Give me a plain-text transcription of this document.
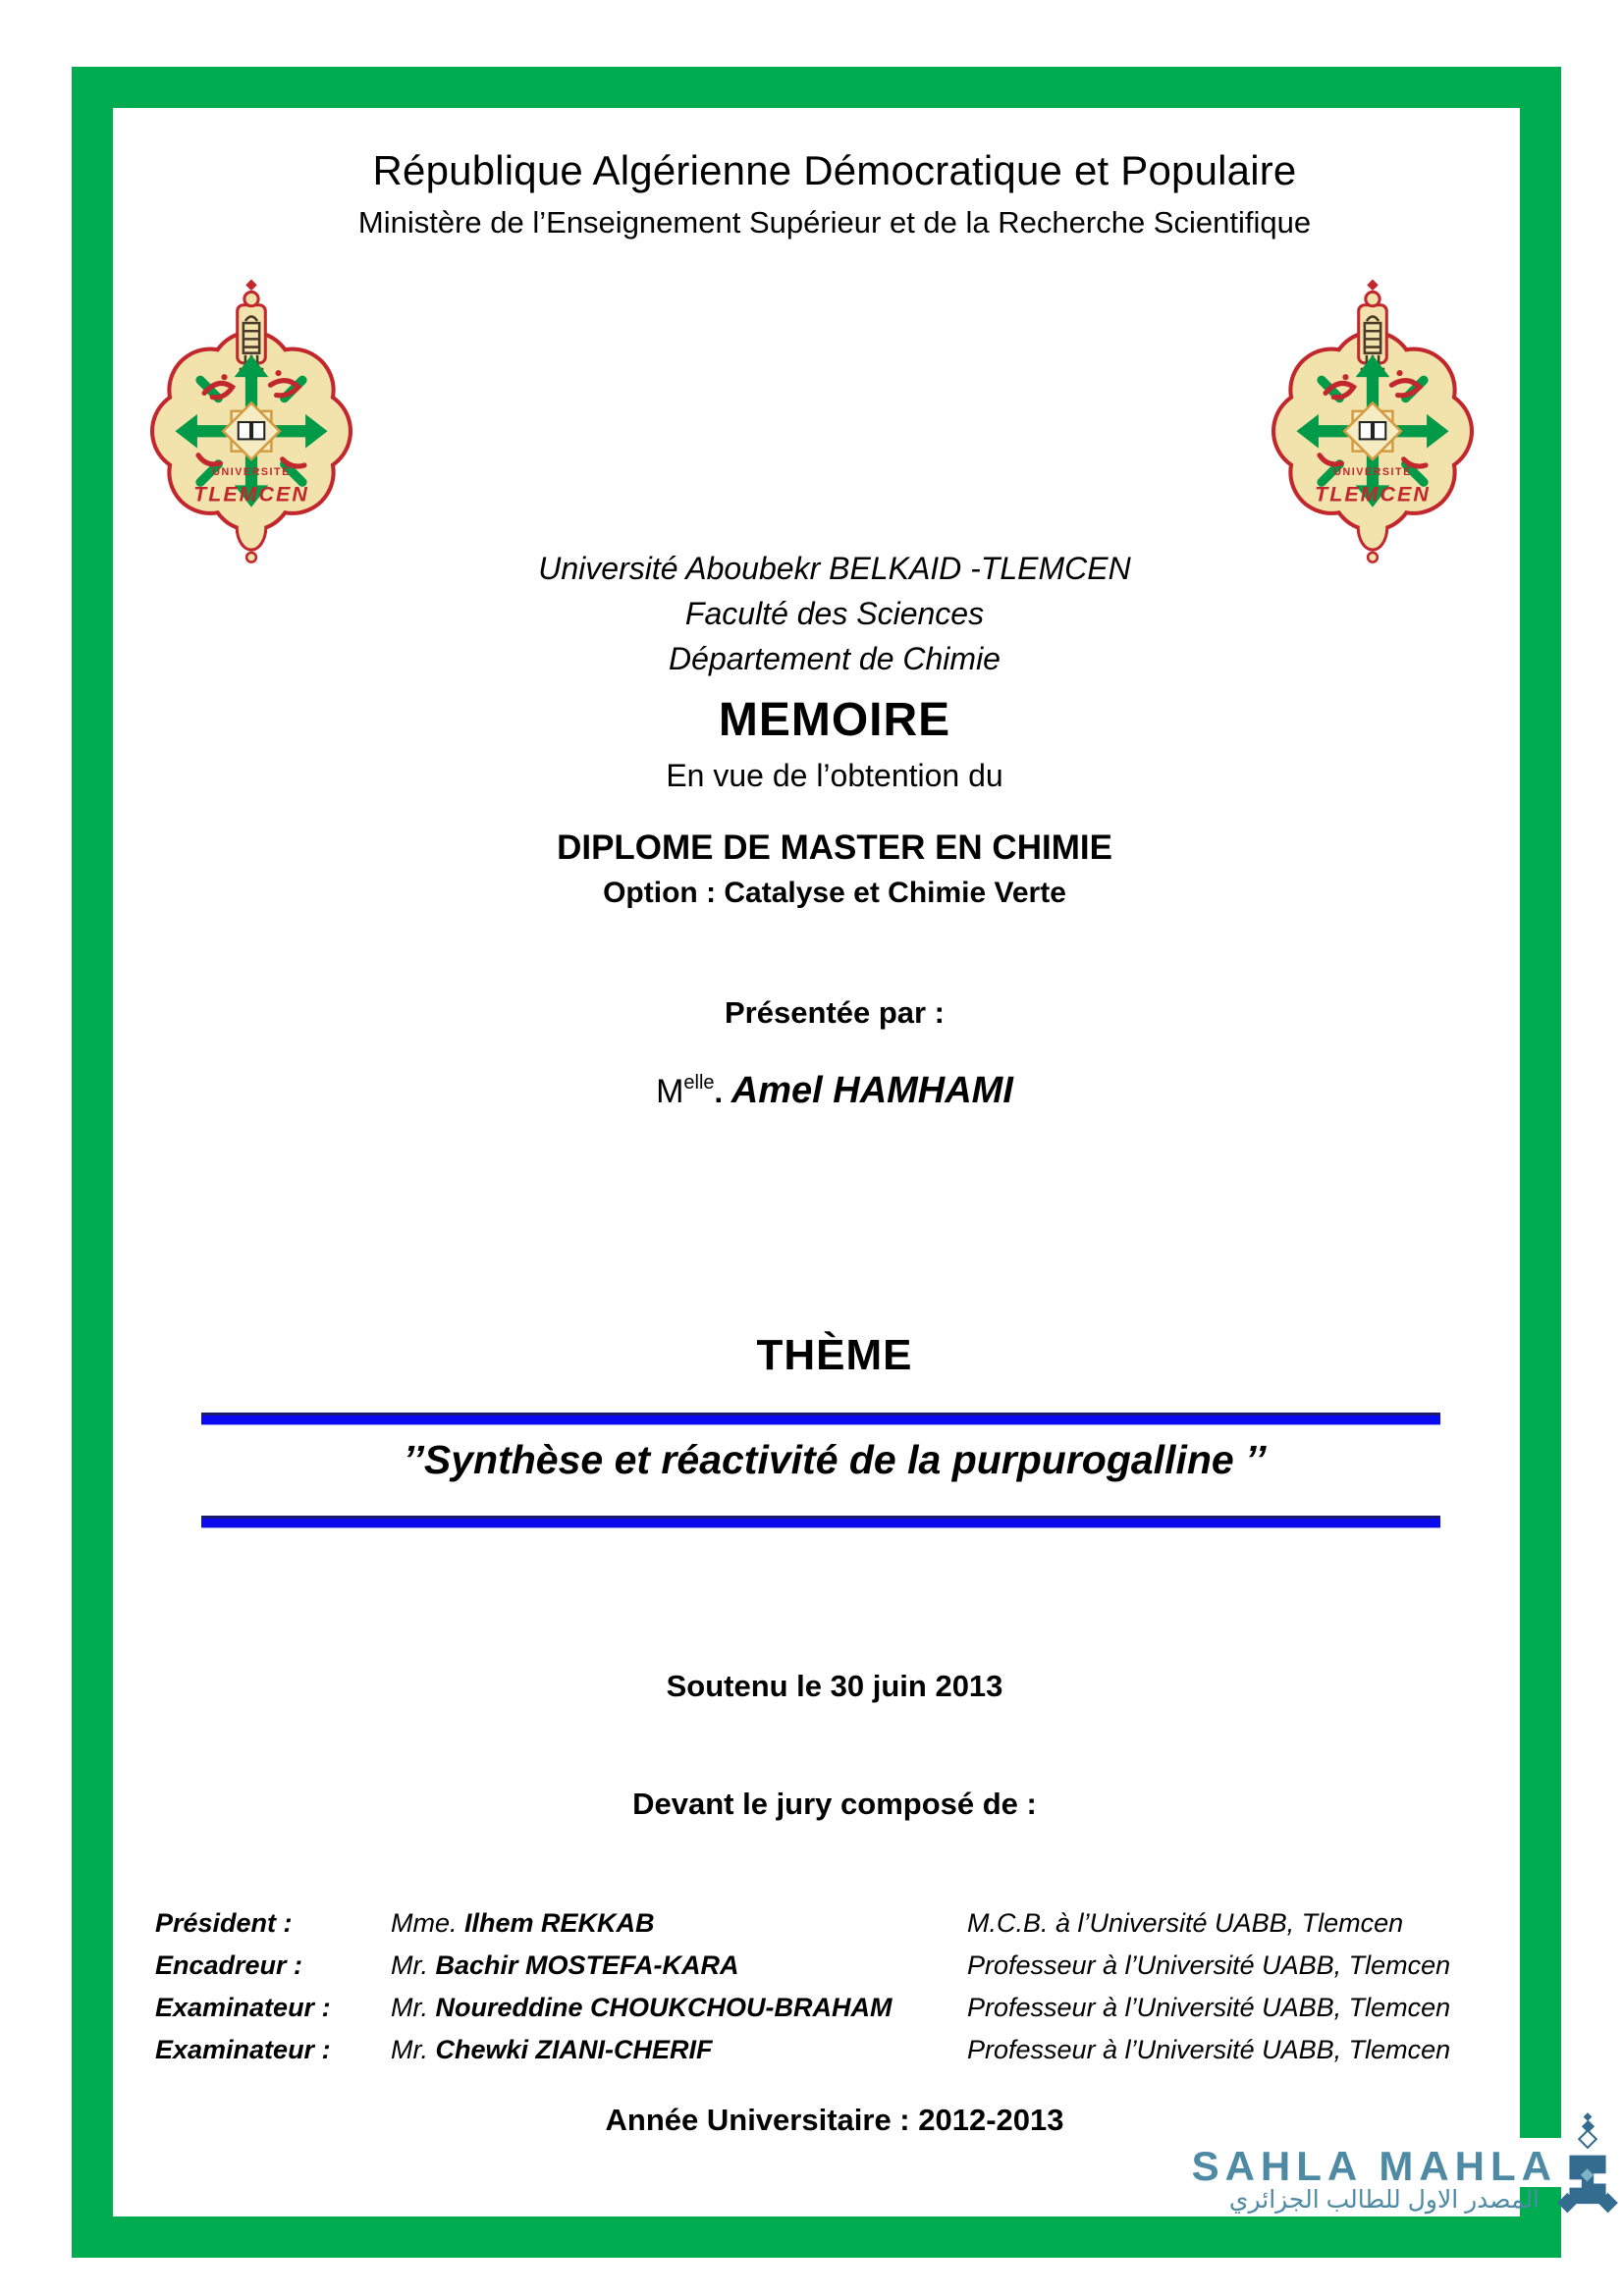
République Algérienne Démocratique et Populaire
Ministère de l’Enseignement Supérieur et de la Recherche Scientifique
Université Aboubekr BELKAID -TLEMCEN
Faculté des Sciences
Département de Chimie
MEMOIRE
En vue de l’obtention du
DIPLOME DE MASTER EN CHIMIE
Option : Catalyse et Chimie Verte
Présentée par :
$M^{elle}$. Amel HAMHAMI
THÈME
’’Synthèse et réactivité de la purpurogalline ’’
Soutenu le 30 juin 2013
Devant le jury composé de :
Président :	Mme. Ilhem REKKAB	M.C.B. à l’Université UABB, Tlemcen
Encadreur :	Mr. Bachir MOSTEFA-KARA	Professeur à l’Université UABB, Tlemcen
Examinateur :	Mr. Noureddine CHOUKCHOU-BRAHAM	Professeur à l’Université UABB, Tlemcen
Examinateur :	Mr. Chewki ZIANI-CHERIF	Professeur à l’Université UABB, Tlemcen
Année Universitaire : 2012-2013
SAHLA MAHLA
المصدر الاول للطالب الجزائري
